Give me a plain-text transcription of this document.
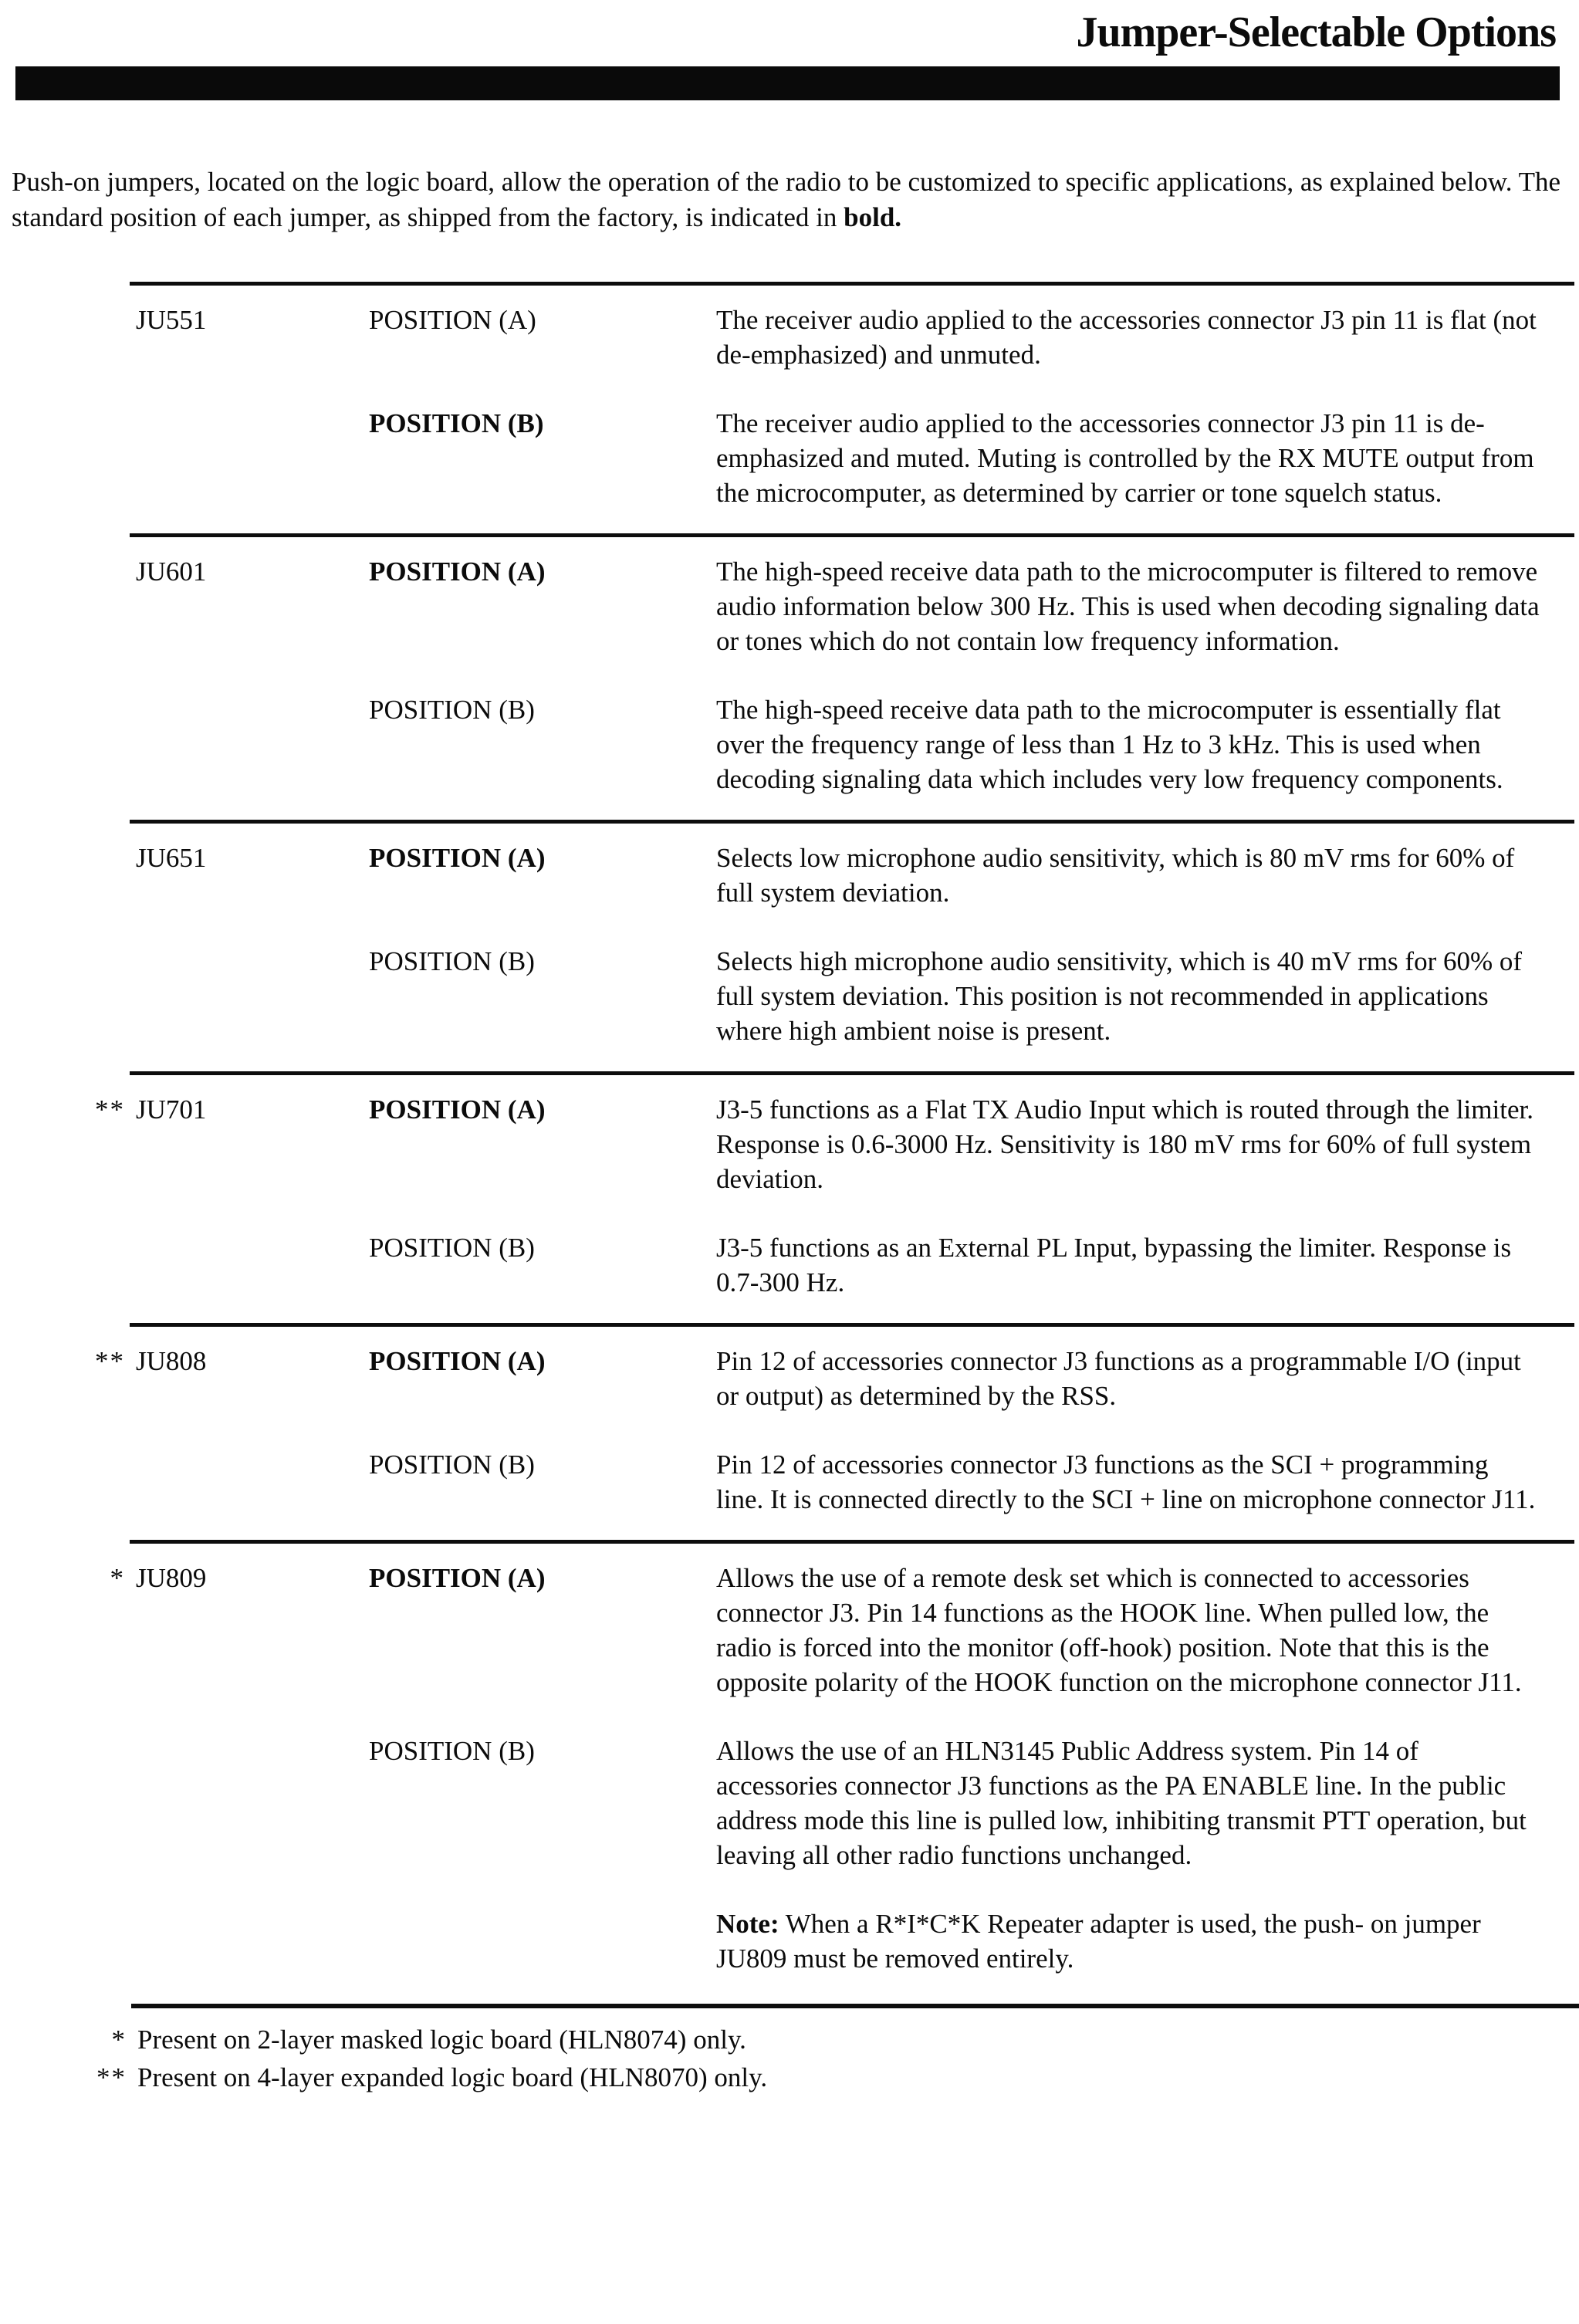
Jumper-Selectable Options

Push-on jumpers, located on the logic board, allow the operation of the radio to be customized to specific applications, as explained below. The standard position of each jumper, as shipped from the factory, is indicated in bold.

JU551	POSITION (A)	The receiver audio applied to the accessories connector J3 pin 11 is flat (not de-emphasized) and unmuted.
POSITION (B)	The receiver audio applied to the accessories connector J3 pin 11 is de-emphasized and muted. Muting is controlled by the RX MUTE output from the microcomputer, as determined by carrier or tone squelch status.
JU601	POSITION (A)	The high-speed receive data path to the microcomputer is filtered to remove audio information below 300 Hz. This is used when decoding signaling data or tones which do not contain low frequency information.
POSITION (B)	The high-speed receive data path to the microcomputer is essentially flat over the frequency range of less than 1 Hz to 3 kHz. This is used when decoding signaling data which includes very low frequency components.
JU651	POSITION (A)	Selects low microphone audio sensitivity, which is 80 mV rms for 60% of full system deviation.
POSITION (B)	Selects high microphone audio sensitivity, which is 40 mV rms for 60% of full system deviation. This position is not recommended in applications where high ambient noise is present.
** JU701	POSITION (A)	J3-5 functions as a Flat TX Audio Input which is routed through the limiter. Response is 0.6-3000 Hz. Sensitivity is 180 mV rms for 60% of full system deviation.
POSITION (B)	J3-5 functions as an External PL Input, bypassing the limiter. Response is 0.7-300 Hz.
** JU808	POSITION (A)	Pin 12 of accessories connector J3 functions as a programmable I/O (input or output) as determined by the RSS.
POSITION (B)	Pin 12 of accessories connector J3 functions as the SCI + programming line. It is connected directly to the SCI + line on microphone connector J11.
* JU809	POSITION (A)	Allows the use of a remote desk set which is connected to accessories connector J3. Pin 14 functions as the HOOK line. When pulled low, the radio is forced into the monitor (off-hook) position. Note that this is the opposite polarity of the HOOK function on the microphone connector J11.
POSITION (B)	Allows the use of an HLN3145 Public Address system. Pin 14 of accessories connector J3 functions as the PA ENABLE line. In the public address mode this line is pulled low, inhibiting transmit PTT operation, but leaving all other radio functions unchanged.
Note: When a R*I*C*K Repeater adapter is used, the push- on jumper JU809 must be removed entirely.
* Present on 2-layer masked logic board (HLN8074) only.
** Present on 4-layer expanded logic board (HLN8070) only.
